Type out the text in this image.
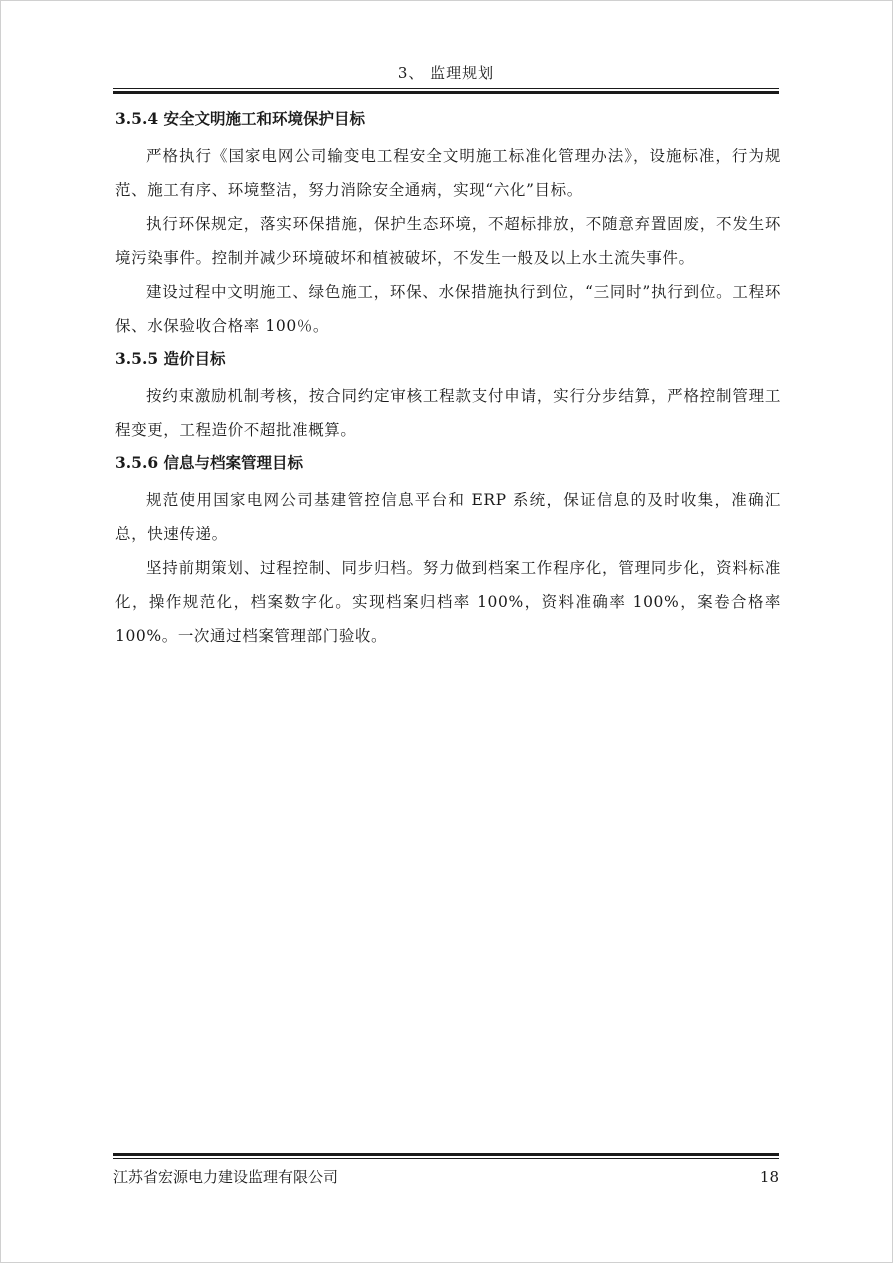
3、 监理规划
3.5.4 安全文明施工和环境保护目标

严格执行《国家电网公司输变电工程安全文明施工标准化管理办法》，设施标准，行为规范、施工有序、环境整洁，努力消除安全通病，实现“六化”目标。

执行环保规定，落实环保措施，保护生态环境，不超标排放，不随意弃置固废，不发生环境污染事件。控制并减少环境破坏和植被破坏，不发生一般及以上水土流失事件。

建设过程中文明施工、绿色施工，环保、水保措施执行到位，“三同时”执行到位。工程环保、水保验收合格率 100％。

3.5.5 造价目标

按约束激励机制考核，按合同约定审核工程款支付申请，实行分步结算，严格控制管理工程变更，工程造价不超批准概算。

3.5.6 信息与档案管理目标

规范使用国家电网公司基建管控信息平台和 ERP 系统，保证信息的及时收集，准确汇总，快速传递。

坚持前期策划、过程控制、同步归档。努力做到档案工作程序化，管理同步化，资料标准化，操作规范化，档案数字化。实现档案归档率 100%，资料准确率 100%，案卷合格率 100%。一次通过档案管理部门验收。

江苏省宏源电力建设监理有限公司	18
